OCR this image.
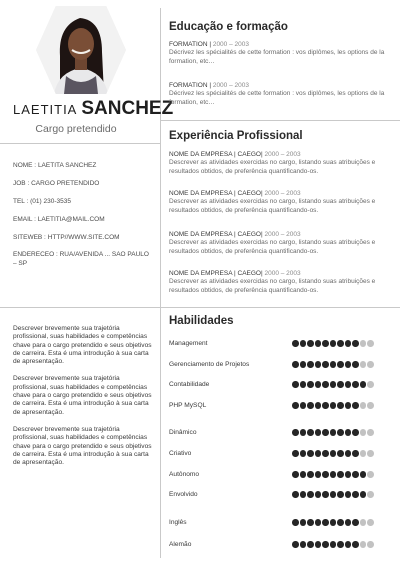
LAETITIA SANCHEZ
Cargo pretendido
NOME : LAETITA SANCHEZ
JOB : CARGO PRETENDIDO
TEL : (01) 230-3535
EMAIL : LAETITIA@MAIL.COM
SITEWEB : HTTP//WWW.SITE.COM
ENDERECEO : RUA/AVENIDA ... SAO PAULO – SP

Descrever brevemente sua trajetória profissional, suas habilidades e competências chave para o cargo pretendido e seus objetivos de carreira. Esta é uma introdução à sua carta de apresentação.

Descrever brevemente sua trajetória profissional, suas habilidades e competências chave para o cargo pretendido e seus objetivos de carreira. Esta é uma introdução à sua carta de apresentação.

Descrever brevemente sua trajetória profissional, suas habilidades e competências chave para o cargo pretendido e seus objetivos de carreira. Esta é uma introdução à sua carta de apresentação.

Educação e formação
FORMATION | 2000 – 2003
Décrivez les spécialités de cette formation : vos diplômes, les options de la formation, etc…
FORMATION | 2000 – 2003
Décrivez les spécialités de cette formation : vos diplômes, les options de la formation, etc…
Experiência Profissional
NOME DA EMPRESA | CAEGO| 2000 – 2003
Descrever as atividades exercidas no cargo, listando suas atribuições e resultados obtidos, de preferência quantificando-os.
NOME DA EMPRESA | CAEGO| 2000 – 2003
Descrever as atividades exercidas no cargo, listando suas atribuições e resultados obtidos, de preferência quantificando-os.
NOME DA EMPRESA | CAEGO| 2000 – 2003
Descrever as atividades exercidas no cargo, listando suas atribuições e resultados obtidos, de preferência quantificando-os.
NOME DA EMPRESA | CAEGO| 2000 – 2003
Descrever as atividades exercidas no cargo, listando suas atribuições e resultados obtidos, de preferência quantificando-os.
Habilidades
Management
Gerenciamento de Projetos
Contabilidade
PHP MySQL
Dinâmico
Criativo
Autônomo
Envolvido
Inglês
Alemão
